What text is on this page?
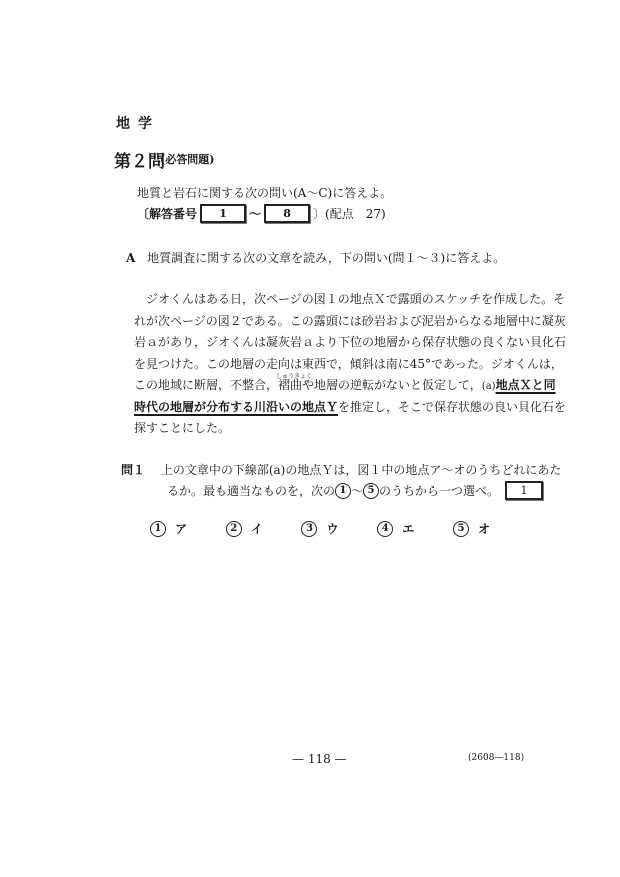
地学
第２問
(必答問題)
地質と岩石に関する次の問い(A～C)に答えよ。
〔解答番号	1	～	8	〕(配点　27)
A 地質調査に関する次の文章を読み，下の問い(問１～３)に答えよ。
　ジオくんはある日，次ページの図１の地点Ｘで露頭のスケッチを作成した。そ
れが次ページの図２である。この露頭には砂岩および泥岩からなる地層中に凝灰
岩ａがあり，ジオくんは凝灰岩ａより下位の地層から保存状態の良くない貝化石
を見つけた。この地層の走向は東西で，傾斜は南に45°であった。ジオくんは，
この地域に断層，不整合，
しゅうきょく
褶曲や地層の逆転がないと仮定して，(a)地点Ｘと同
時代の地層が分布する川沿いの地点Ｙを推定し，そこで保存状態の良い貝化石を
探すことにした。
問１ 上の文章中の下線部(a)の地点Ｙは，図１中の地点ア～オのうちどれにあた
るか。最も適当なものを，次の 1 ～ 5 のうちから一つ選べ。	1
1	ア	2	イ	3	ウ	4	エ	5	オ
— 118 —	(2608—118)
